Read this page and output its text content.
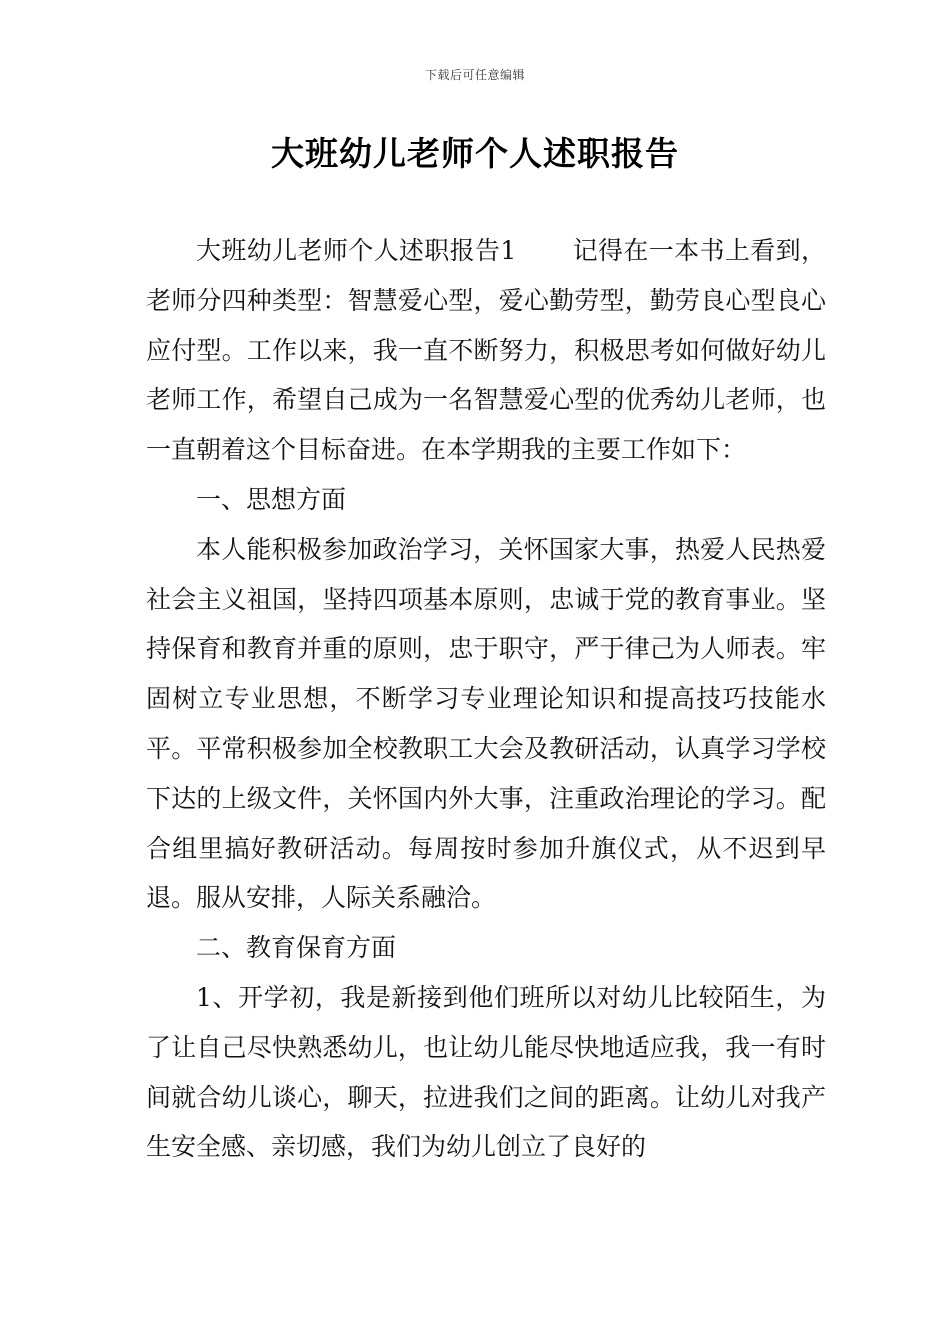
下载后可任意编辑
大班幼儿老师个人述职报告

大班幼儿老师个人述职报告1 记得在一本书上看到，老师分四种类型：智慧爱心型，爱心勤劳型，勤劳良心型良心应付型。工作以来，我一直不断努力，积极思考如何做好幼儿老师工作，希望自己成为一名智慧爱心型的优秀幼儿老师，也一直朝着这个目标奋进。在本学期我的主要工作如下：

一、思想方面

本人能积极参加政治学习，关怀国家大事，热爱人民热爱社会主义祖国，坚持四项基本原则，忠诚于党的教育事业。坚持保育和教育并重的原则，忠于职守，严于律己为人师表。牢固树立专业思想，不断学习专业理论知识和提高技巧技能水平。平常积极参加全校教职工大会及教研活动，认真学习学校下达的上级文件，关怀国内外大事，注重政治理论的学习。配合组里搞好教研活动。每周按时参加升旗仪式，从不迟到早退。服从安排，人际关系融洽。

二、教育保育方面

1、开学初，我是新接到他们班所以对幼儿比较陌生，为了让自己尽快熟悉幼儿，也让幼儿能尽快地适应我，我一有时间就合幼儿谈心，聊天，拉进我们之间的距离。让幼儿对我产生安全感、亲切感，我们为幼儿创立了良好的
